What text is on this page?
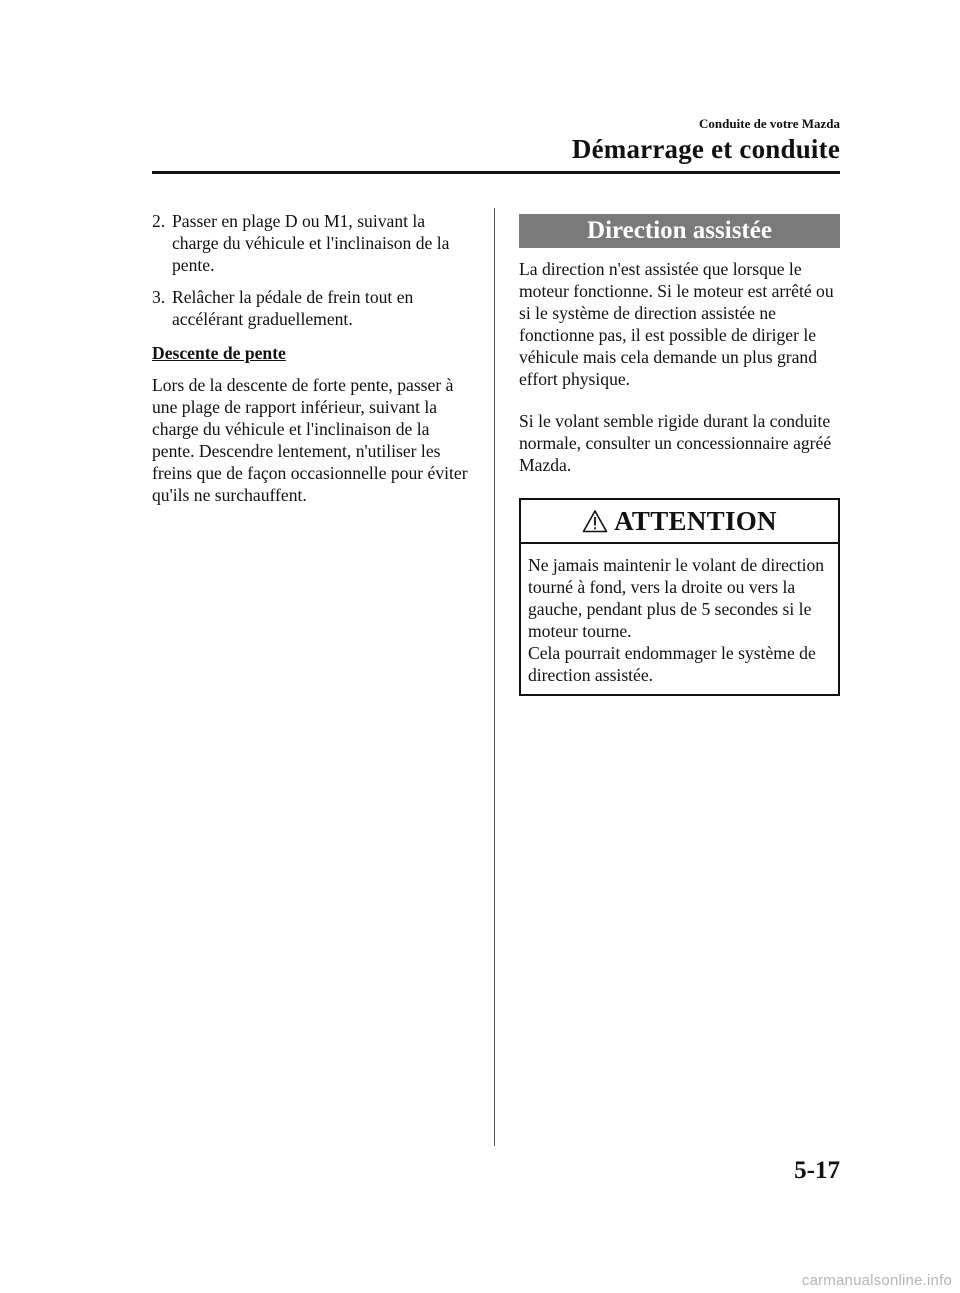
Conduite de votre Mazda
Démarrage et conduite
2. Passer en plage D ou M1, suivant la charge du véhicule et l'inclinaison de la pente.
3. Relâcher la pédale de frein tout en accélérant graduellement.
Descente de pente
Lors de la descente de forte pente, passer à une plage de rapport inférieur, suivant la charge du véhicule et l'inclinaison de la pente. Descendre lentement, n'utiliser les freins que de façon occasionnelle pour éviter qu'ils ne surchauffent.
Direction assistée

La direction n'est assistée que lorsque le moteur fonctionne. Si le moteur est arrêté ou si le système de direction assistée ne fonctionne pas, il est possible de diriger le véhicule mais cela demande un plus grand effort physique.

Si le volant semble rigide durant la conduite normale, consulter un concessionnaire agréé Mazda.

ATTENTION
Ne jamais maintenir le volant de direction tourné à fond, vers la droite ou vers la gauche, pendant plus de 5 secondes si le moteur tourne.
Cela pourrait endommager le système de direction assistée.
5-17
carmanualsonline.info
